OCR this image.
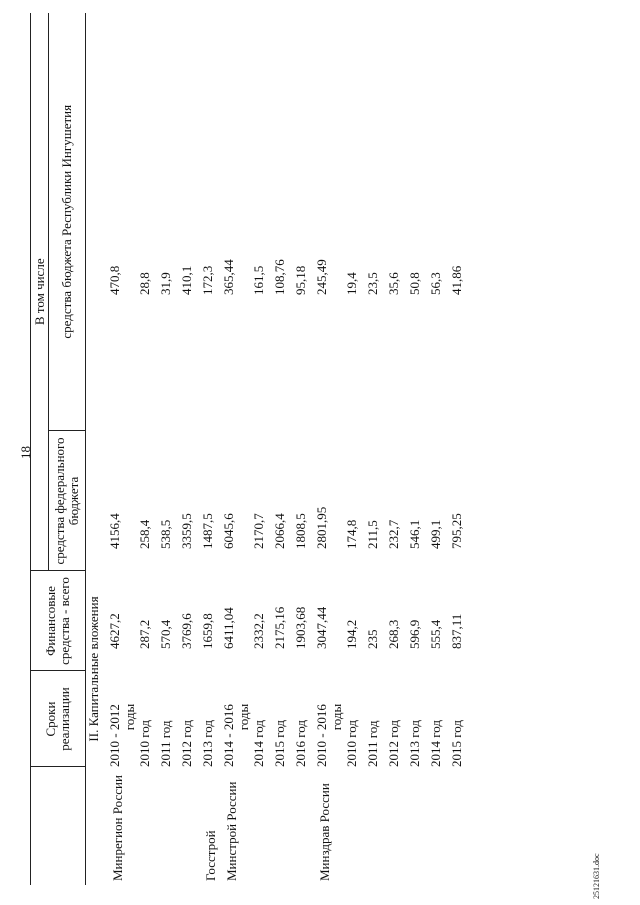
18
	Сроки реализации	Финансовые средства - всего	В том числе	
			средства федерального бюджета	средства бюджета Республики Ингушетия
	II. Капитальные вложения			

Минрегион России	2010 - 2012 годы	4627,2	4156,4	470,8

	2010 год	287,2	258,4	28,8

	2011 год	570,4	538,5	31,9

	2012 год	3769,6	3359,5	410,1

Госстрой	2013 год	1659,8	1487,5	172,3

Минстрой России	2014 - 2016 годы	6411,04	6045,6	365,44

	2014 год	2332,2	2170,7	161,5

	2015 год	2175,16	2066,4	108,76

	2016 год	1903,68	1808,5	95,18

Минздрав России	2010 - 2016 годы	3047,44	2801,95	245,49

	2010 год	194,2	174,8	19,4

	2011 год	235	211,5	23,5

	2012 год	268,3	232,7	35,6

	2013 год	596,9	546,1	50,8

	2014 год	555,4	499,1	56,3

	2015 год	837,11	795,25	41,86
25121631.doc
